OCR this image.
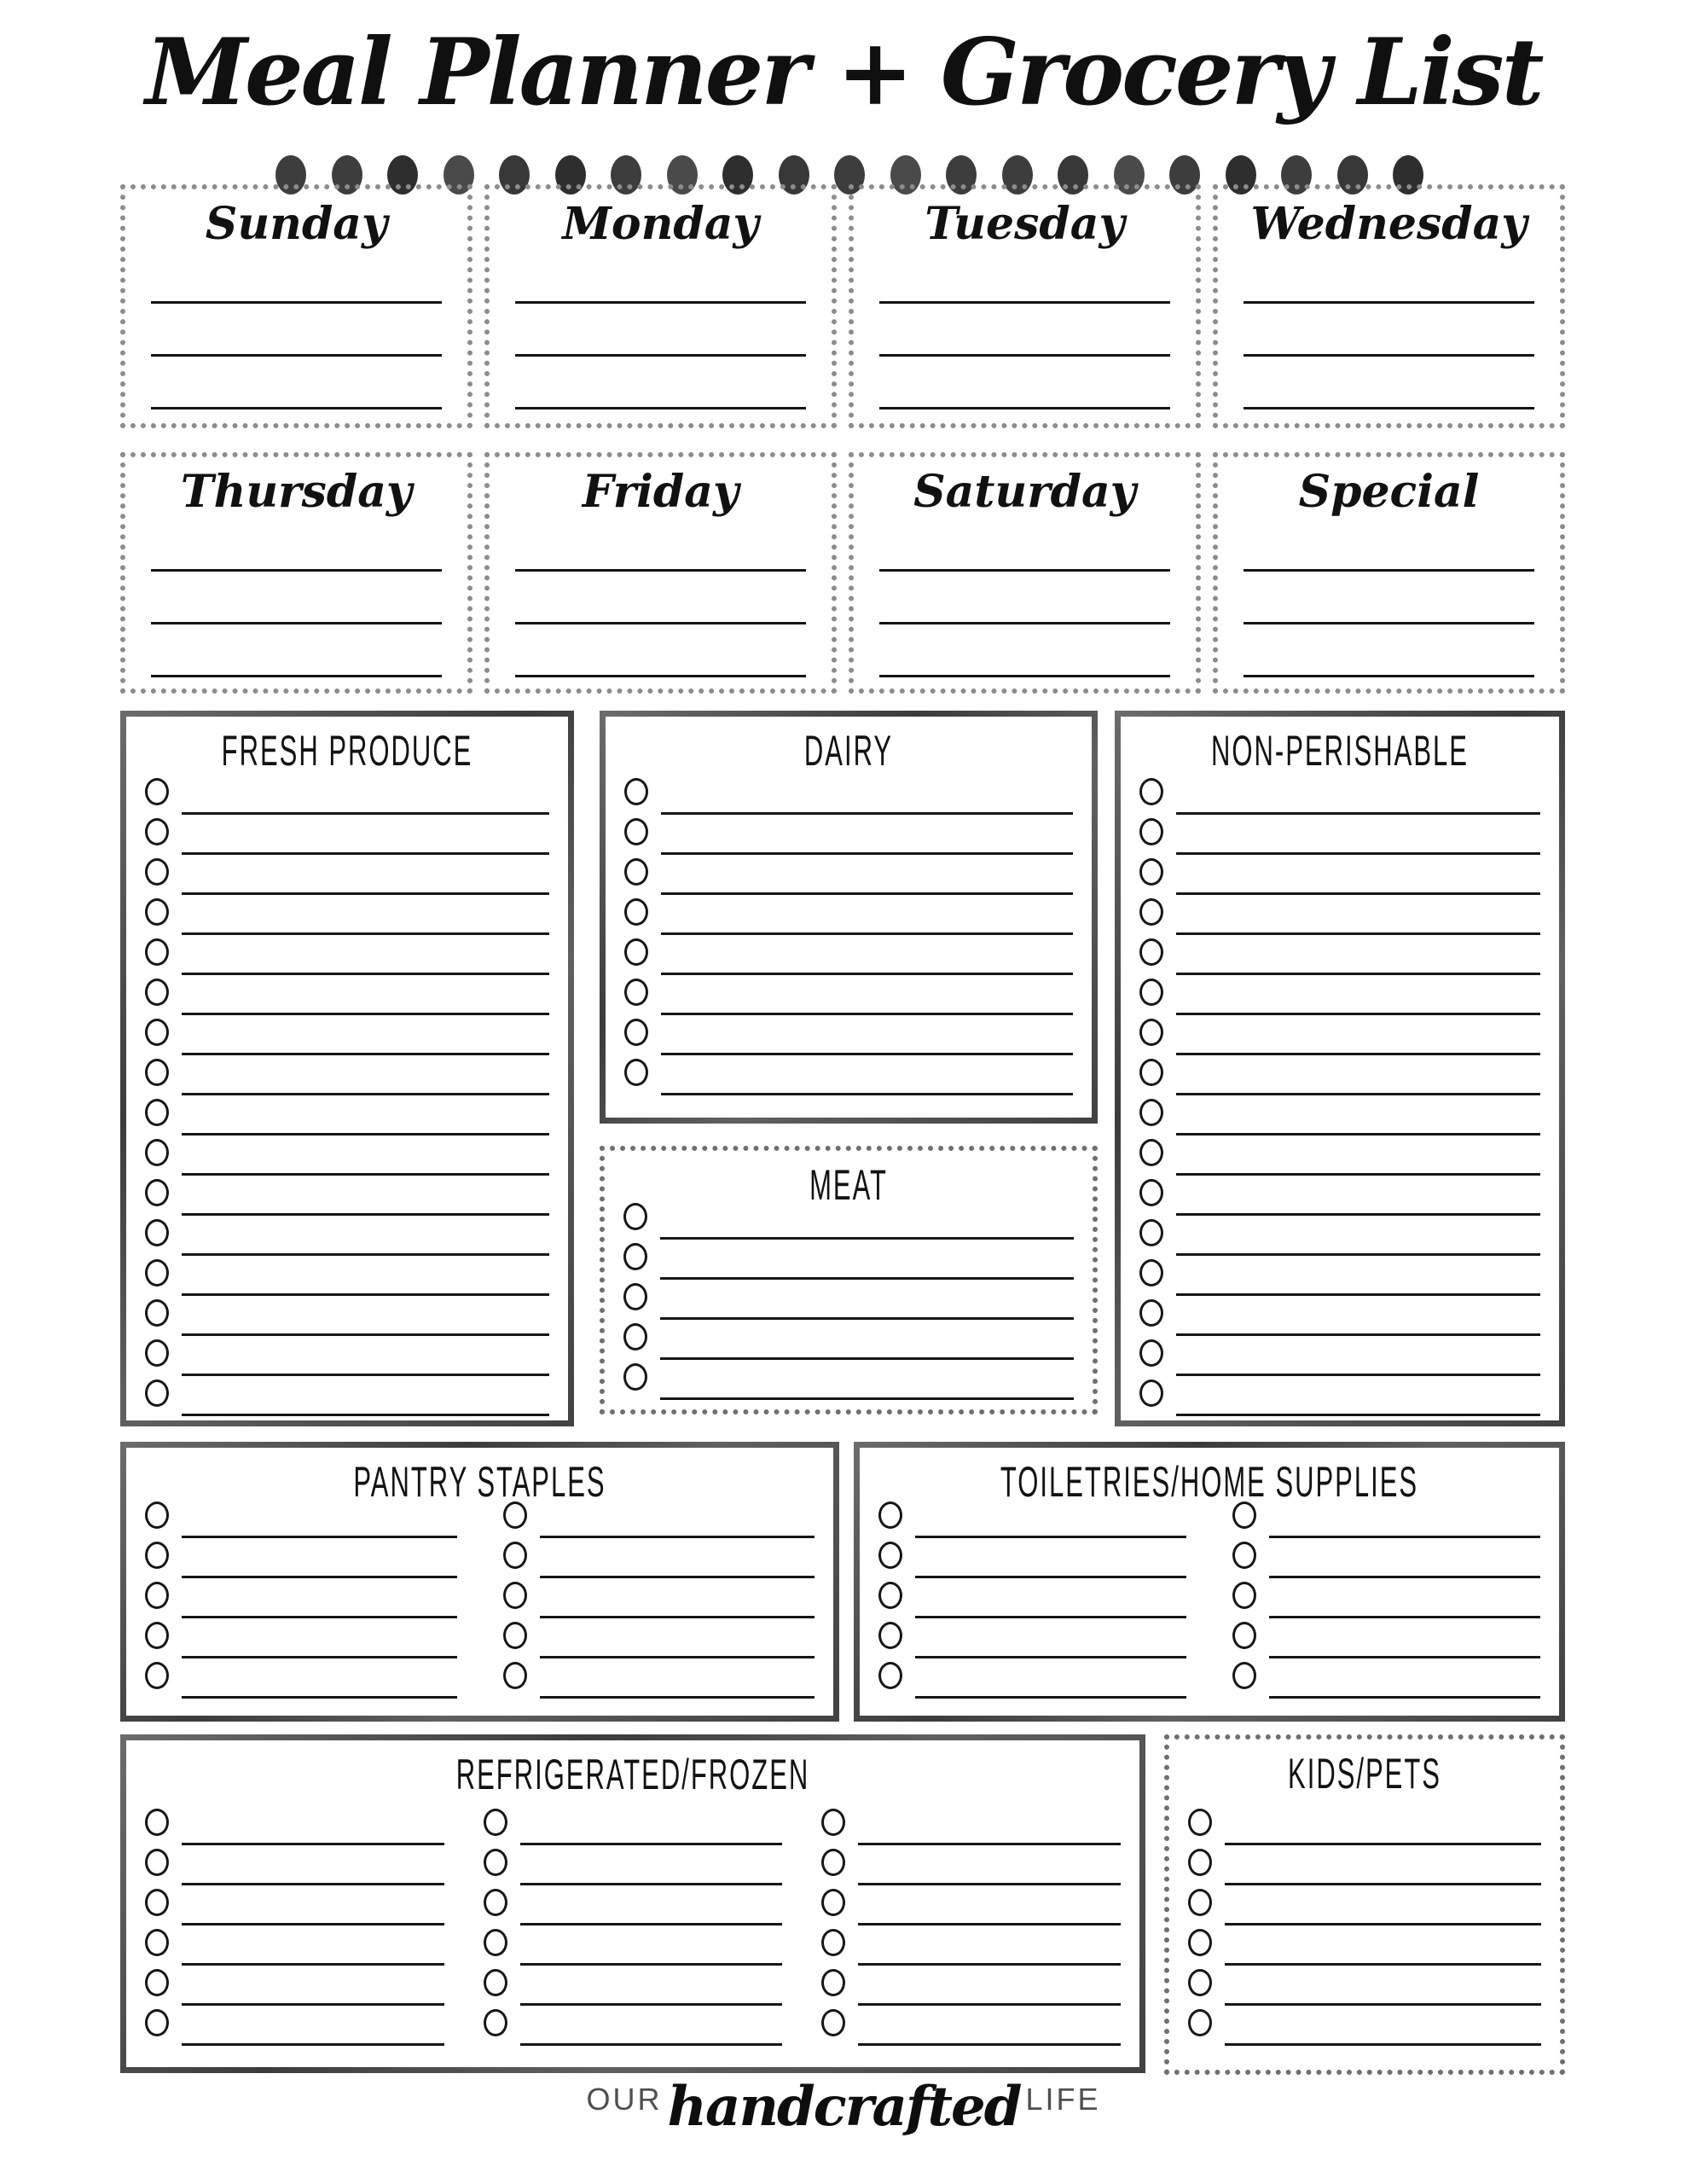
Meal Planner + Grocery List
Sunday	Monday	Tuesday	Wednesday
Thursday	Friday	Saturday	Special
FRESH PRODUCE	DAIRY	NON-PERISHABLE
MEAT
PANTRY STAPLES	TOILETRIES/HOME SUPPLIES
REFRIGERATED/FROZEN	KIDS/PETS
OURhandcrafted LIFE
